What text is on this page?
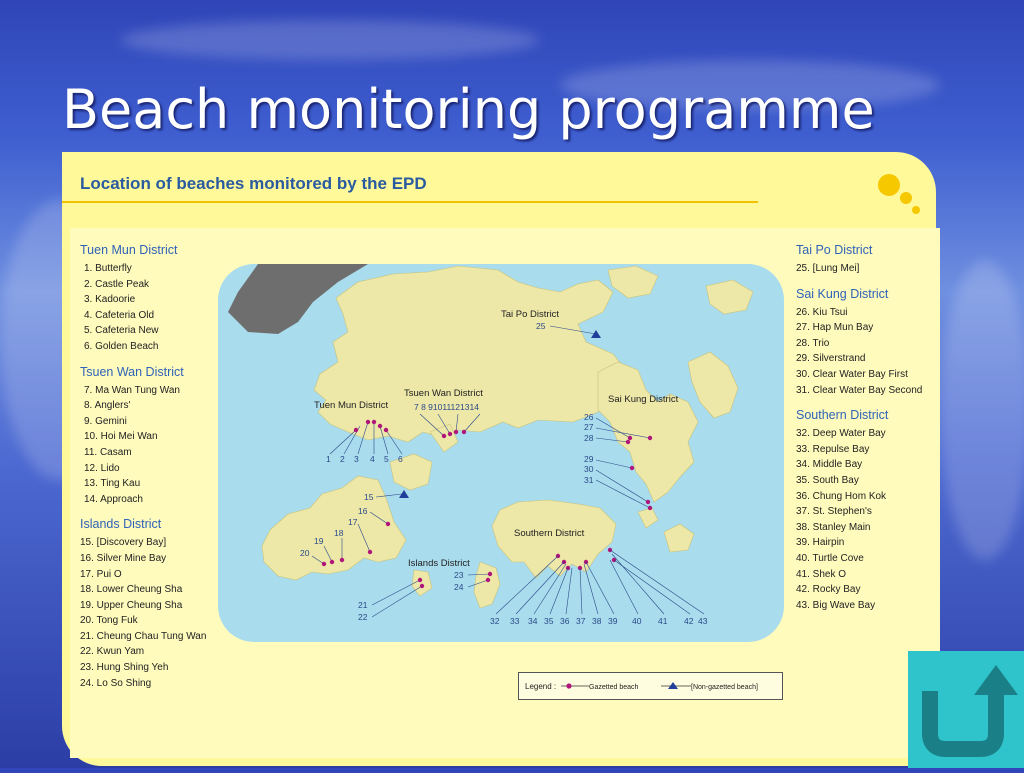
Beach monitoring programme
Location of beaches monitored by the EPD
Tuen Mun District
1. Butterfly
2. Castle Peak
3. Kadoorie
4. Cafeteria Old
5. Cafeteria New
6. Golden Beach
Tsuen Wan District
7. Ma Wan Tung Wan
8. Anglers'
9. Gemini
10. Hoi Mei Wan
11. Casam
12. Lido
13. Ting Kau
14. Approach
Islands District
15. [Discovery Bay]
16. Silver Mine Bay
17. Pui O
18. Lower Cheung Sha
19. Upper Cheung Sha
20. Tong Fuk
21. Cheung Chau Tung Wan
22. Kwun Yam
23. Hung Shing Yeh
24. Lo So Shing
Tai Po District
25. [Lung Mei]
Sai Kung District
26. Kiu Tsui
27. Hap Mun Bay
28. Trio
29. Silverstrand
30. Clear Water Bay First
31. Clear Water Bay Second
Southern District
32. Deep Water Bay
33. Repulse Bay
34. Middle Bay
35. South Bay
36. Chung Hom Kok
37. St. Stephen's
38. Stanley Main
39. Hairpin
40. Turtle Cove
41. Shek O
42. Rocky Bay
43. Big Wave Bay
Tai Po District
Tsuen Wan District
Tuen Mun District
Sai Kung District
Southern District
Islands District
25
1 2 3 4 5 6
7 8 91011121314
15
16
17
18
19
20
21
22
23
24
26
27
28
29
30
31
32 33 34 35 36 37 38 39 40 41 42 43
Legend :	Gazetted beach	[Non-gazetted beach]
